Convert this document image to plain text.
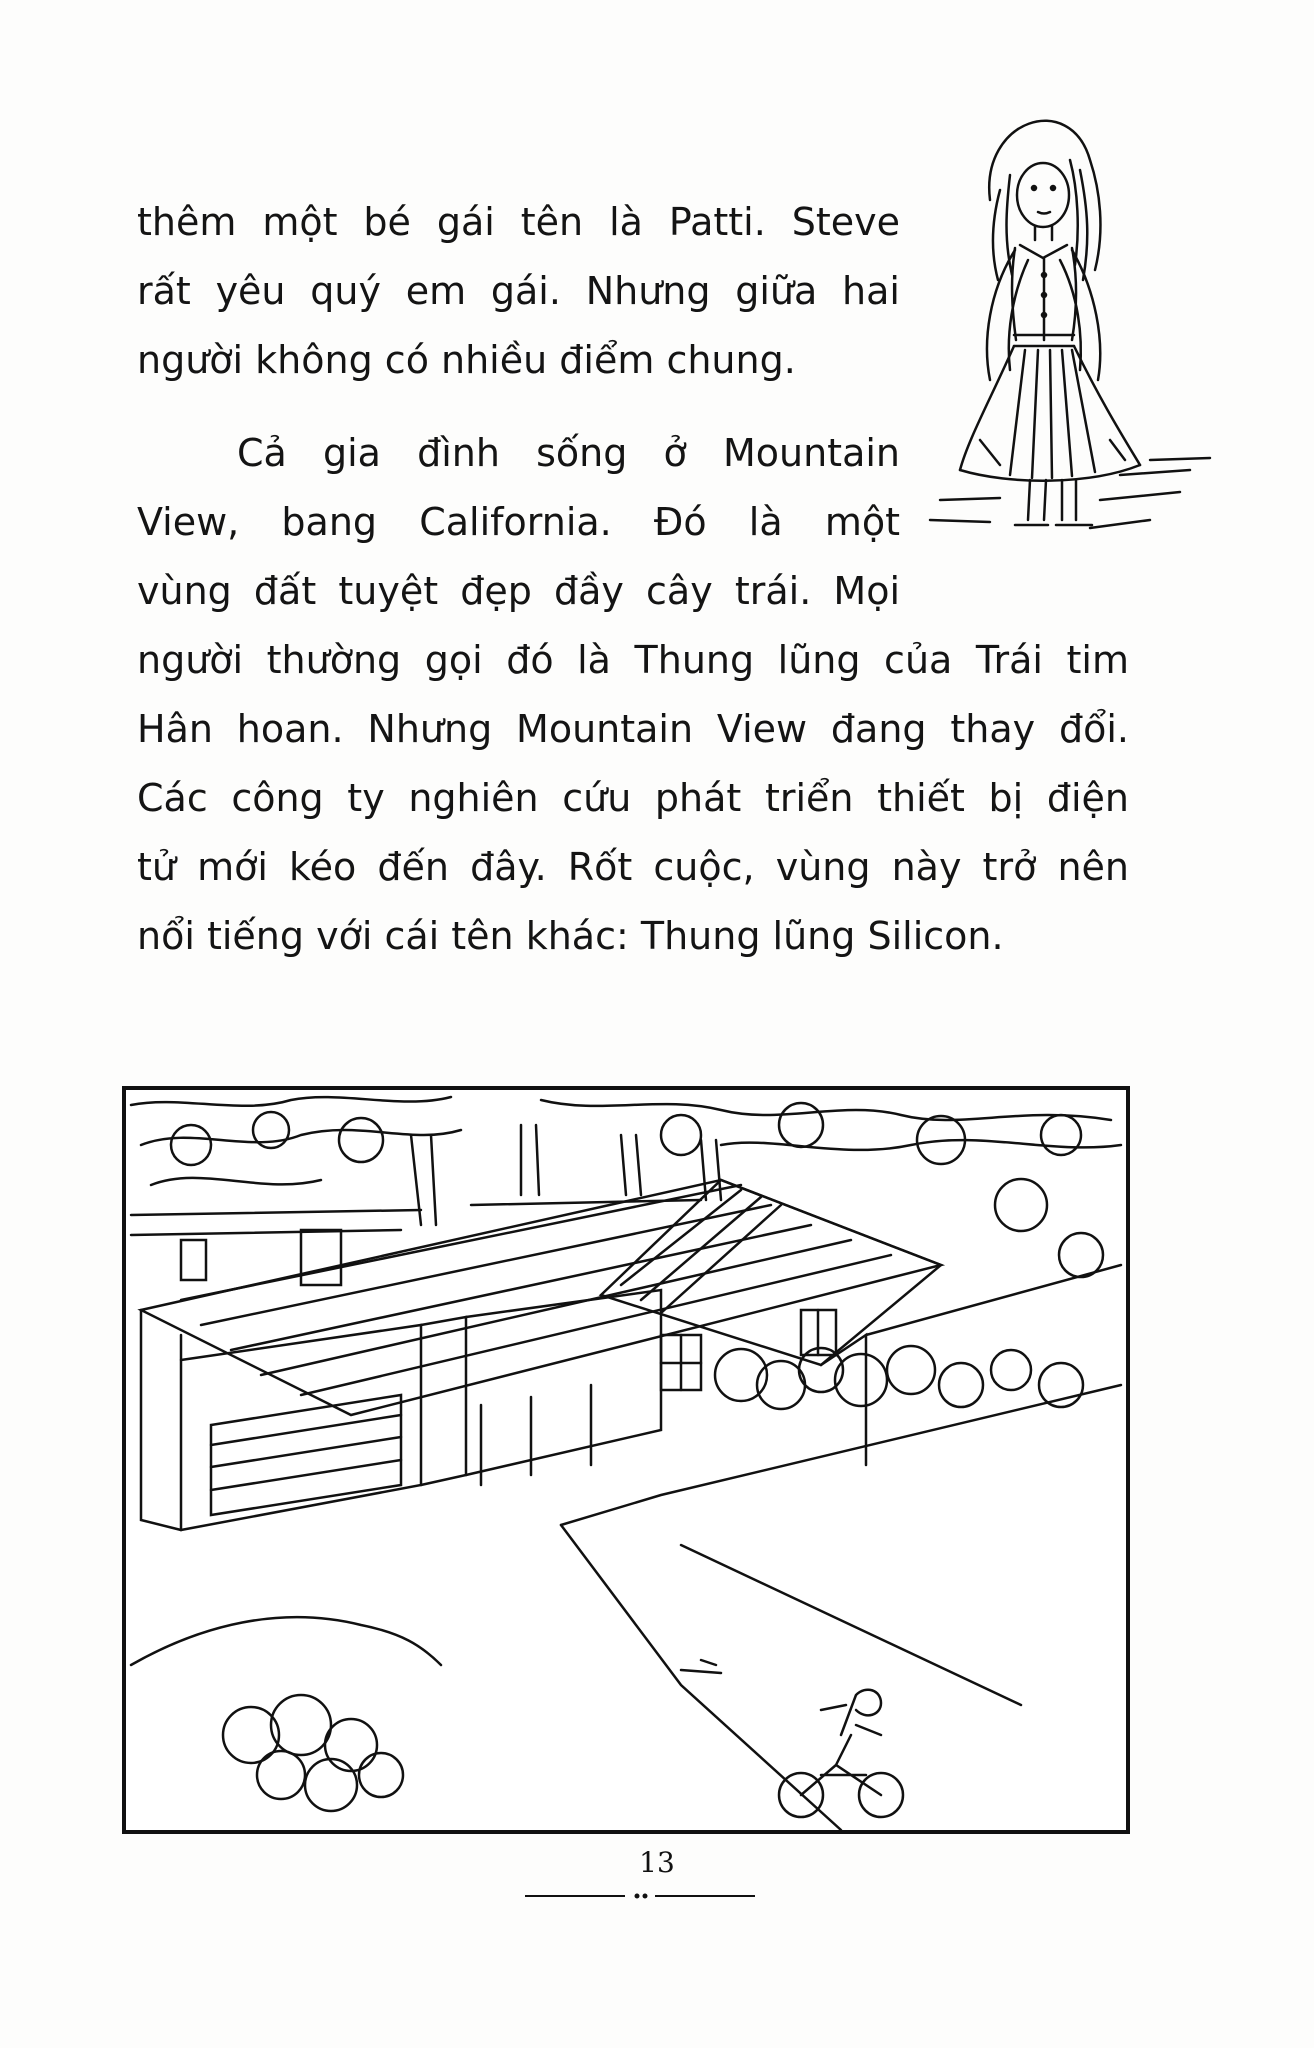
thêm một bé gái tên là Patti. Steve
rất yêu quý em gái. Nhưng giữa hai
người không có nhiều điểm chung.
Cả gia đình sống ở Mountain
View, bang California. Đó là một
vùng đất tuyệt đẹp đầy cây trái. Mọi
người thường gọi đó là Thung lũng của Trái tim
Hân hoan. Nhưng Mountain View đang thay đổi.
Các công ty nghiên cứu phát triển thiết bị điện
tử mới kéo đến đây. Rốt cuộc, vùng này trở nên
nổi tiếng với cái tên khác: Thung lũng Silicon.
13
